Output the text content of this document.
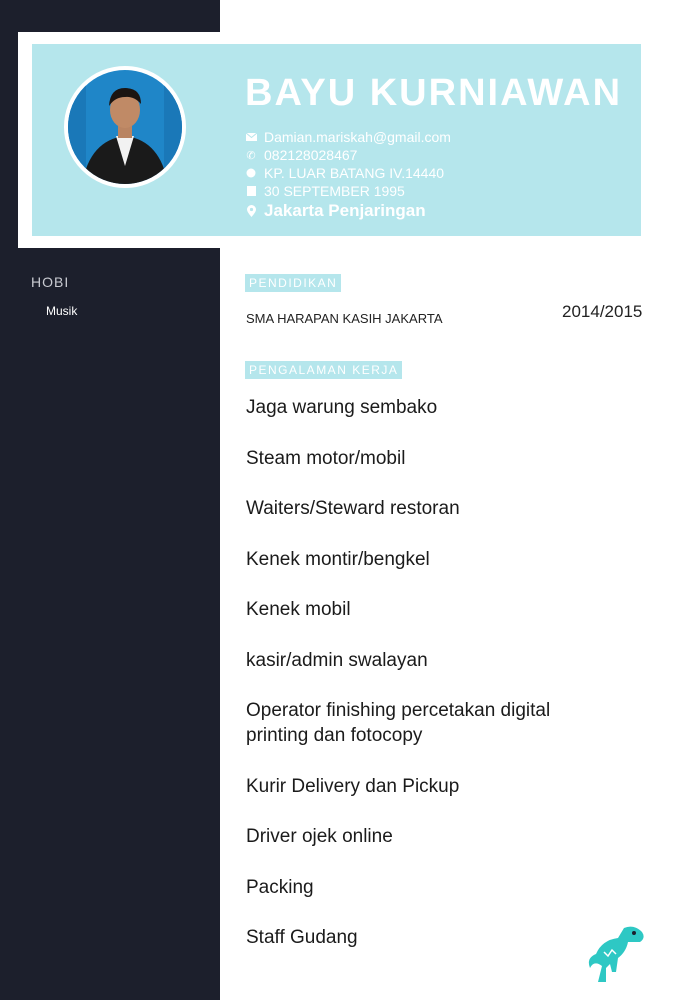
BAYU KURNIAWAN
Damian.mariskah@gmail.com
✆ 082128028467
KP. LUAR BATANG IV.14440
30 SEPTEMBER 1995
Jakarta Penjaringan
HOBI
Musik
PENDIDIKAN
SMA HARAPAN KASIH JAKARTA	2014/2015
PENGALAMAN KERJA
Jaga warung sembako
Steam motor/mobil
Waiters/Steward restoran
Kenek montir/bengkel
Kenek mobil
kasir/admin swalayan
Operator finishing percetakan digital printing dan fotocopy
Kurir Delivery dan Pickup
Driver ojek online
Packing
Staff Gudang
